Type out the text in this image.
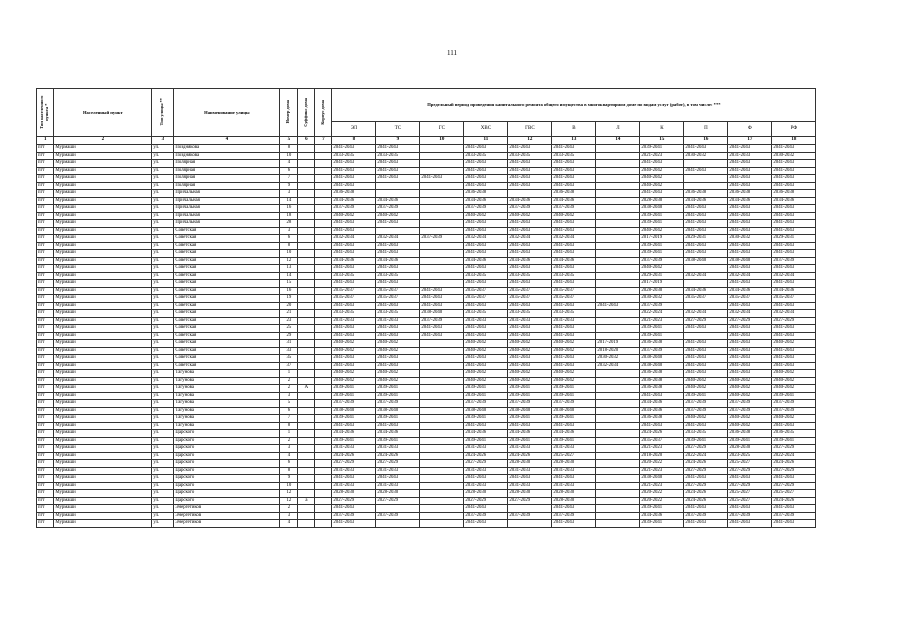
111
Тип населенного пункта *	Населенный пункт	Тип улицы **	Наименование улицы	Номер дома	Суффикс дома	Корпус дома	Предельный период проведения капитального ремонта общего имущества в многоквартирном доме по видам услуг (работ), в том числе: ***										
							ЭЛ	ТС	ГС	ХВС	ГВС	В	Л	К	П	Ф	РФ
1	2	3	4	5	6	7	8	9	10	11	12	13	14	15	16	17	18
пгт	Мурмаши	ул.	Позднякова	8			2041-2043	2041-2043		2041-2043	2041-2043	2041-2043		2039-2041	2041-2043	2041-2043	2041-2043
пгт	Мурмаши	ул.	Позднякова	10			2033-2035	2033-2035		2033-2035	2033-2035	2033-2035		2021-2023	2030-2032	2031-2033	2030-2032
пгт	Мурмаши	ул.	Полярная	4			2041-2043	2041-2043		2041-2043	2041-2043	2041-2043		2041-2043		2041-2043	2041-2043
пгт	Мурмаши	ул.	Полярная	6			2041-2043	2041-2043		2041-2043	2041-2043	2041-2043		2040-2042	2041-2043	2041-2043	2041-2043
пгт	Мурмаши	ул.	Полярная	7			2041-2043	2041-2043	2041-2043	2041-2043	2041-2043	2041-2043		2040-2042		2041-2043	2041-2043
пгт	Мурмаши	ул.	Полярная	9			2041-2043			2041-2043	2041-2043	2041-2043		2040-2042		2041-2043	2041-2043
пгт	Мурмаши	ул.	Причальная	3			2036-2038			2036-2038		2036-2038		2041-2043	2036-2038	2036-2038	2036-2038
пгт	Мурмаши	ул.	Причальная	14			2034-2036	2034-2036		2034-2036	2034-2036	2034-2036		2028-2030	2034-2036	2034-2036	2034-2036
пгт	Мурмаши	ул.	Причальная	16			2037-2039	2037-2039		2037-2039	2037-2039	2037-2039		2038-2040	2041-2043	2041-2043	2041-2043
пгт	Мурмаши	ул.	Причальная	18			2040-2042	2040-2042		2040-2042	2040-2042	2040-2042		2039-2041	2041-2043	2041-2043	2041-2043
пгт	Мурмаши	ул.	Причальная	28			2041-2043	2041-2043		2041-2043	2041-2043	2041-2043		2039-2041	2041-2043	2041-2043	2041-2043
пгт	Мурмаши	ул.	Советская	3			2041-2043			2041-2043	2041-2043	2041-2043		2040-2042	2041-2043	2041-2043	2041-2043
пгт	Мурмаши	ул.	Советская	6			2032-2034	2032-2034	2037-2039	2032-2034	2032-2034	2032-2034		2017-2019	2029-2031	2030-2032	2029-2031
пгт	Мурмаши	ул.	Советская	8			2041-2043	2041-2043		2041-2043	2041-2043	2041-2043		2039-2041	2041-2043	2041-2043	2041-2043
пгт	Мурмаши	ул.	Советская	10			2041-2043	2041-2043		2041-2043	2041-2043	2041-2043		2039-2041	2041-2043	2041-2043	2041-2043
пгт	Мурмаши	ул.	Советская	12			2034-2036	2034-2036		2034-2036	2034-2036	2034-2036		2037-2039	2038-2040	2038-2040	2037-2039
пгт	Мурмаши	ул.	Советская	13			2041-2043	2041-2043		2041-2043	2041-2043	2041-2043		2040-2042		2041-2043	2041-2043
пгт	Мурмаши	ул.	Советская	14			2033-2035	2033-2035		2033-2035	2033-2035	2033-2035		2029-2031	2032-2034	2032-2034	2032-2034
пгт	Мурмаши	ул.	Советская	15			2041-2043	2041-2043		2041-2043	2041-2043	2041-2043		2017-2019		2041-2043	2041-2043
пгт	Мурмаши	ул.	Советская	16			2035-2037	2035-2037	2041-2043	2035-2037	2035-2037	2035-2037		2028-2030	2034-2036	2034-2036	2034-2036
пгт	Мурмаши	ул.	Советская	19			2035-2037	2035-2037	2041-2043	2035-2037	2035-2037	2035-2037		2030-2032	2035-2037	2035-2037	2035-2037
пгт	Мурмаши	ул.	Советская	20			2041-2043	2041-2043	2041-2043	2041-2043	2041-2043	2041-2043	2041-2043	2037-2039		2041-2043	2041-2043
пгт	Мурмаши	ул.	Советская	21			2033-2035	2033-2035	2038-2040	2033-2035	2033-2035	2033-2035		2022-2024	2032-2034	2032-2034	2032-2034
пгт	Мурмаши	ул.	Советская	23			2031-2033	2031-2033	2037-2039	2031-2033	2031-2033	2031-2033		2021-2023	2027-2029	2027-2029	2027-2029
пгт	Мурмаши	ул.	Советская	25			2041-2043	2041-2043	2041-2043	2041-2043	2041-2043	2041-2043		2039-2041	2041-2043	2041-2043	2041-2043
пгт	Мурмаши	ул.	Советская	29			2041-2043	2041-2043	2041-2043	2041-2043	2041-2043	2041-2043		2039-2041		2041-2043	2041-2043
пгт	Мурмаши	ул.	Советская	31			2040-2042	2040-2042		2040-2042	2040-2042	2040-2042	2017-2019	2036-2038	2041-2043	2041-2043	2040-2042
пгт	Мурмаши	ул.	Советская	33			2040-2042	2040-2042		2040-2042	2040-2042	2040-2042	2018-2020	2037-2039	2041-2043	2041-2043	2041-2043
пгт	Мурмаши	ул.	Советская	35			2041-2043	2041-2043		2041-2043	2041-2043	2041-2043	2030-2032	2038-2040	2041-2043	2041-2043	2041-2043
пгт	Мурмаши	ул.	Советская	37			2041-2043	2041-2043		2041-2043	2041-2043	2041-2043	2032-2034	2038-2040	2041-2043	2041-2043	2041-2043
пгт	Мурмаши	ул.	Тагунова	1			2040-2042	2040-2042		2040-2042	2040-2042	2040-2042		2036-2038	2041-2043	2041-2043	2040-2042
пгт	Мурмаши	ул.	Тагунова	2			2040-2042	2040-2042		2040-2042	2040-2042	2040-2042		2036-2038	2040-2042	2040-2042	2040-2042
пгт	Мурмаши	ул.	Тагунова	2	А		2039-2041	2039-2041		2039-2041	2039-2041	2039-2041		2036-2038	2040-2042	2040-2042	2040-2042
пгт	Мурмаши	ул.	Тагунова	3			2039-2041	2039-2041		2039-2041	2039-2041	2039-2041		2041-2043	2039-2041	2040-2042	2039-2041
пгт	Мурмаши	ул.	Тагунова	5			2037-2039	2037-2039		2037-2039	2037-2039	2037-2039		2034-2036	2037-2039	2037-2039	2037-2039
пгт	Мурмаши	ул.	Тагунова	6			2038-2040	2038-2040		2038-2040	2038-2040	2038-2040		2034-2036	2037-2039	2037-2039	2037-2039
пгт	Мурмаши	ул.	Тагунова	7			2039-2041	2039-2041		2039-2041	2039-2041	2039-2041		2036-2038	2040-2042	2040-2042	2040-2042
пгт	Мурмаши	ул.	Тагунова	8			2041-2043	2041-2043		2041-2043	2041-2043	2041-2043		2041-2043	2041-2043	2040-2042	2041-2043
пгт	Мурмаши	ул.	Царского	1			2034-2036	2034-2036		2034-2036	2034-2036	2034-2036		2024-2026	2033-2035	2036-2038	2036-2035
пгт	Мурмаши	ул.	Царского	2			2039-2041	2039-2041		2039-2041	2039-2041	2039-2041		2035-2037	2039-2041	2039-2041	2039-2041
пгт	Мурмаши	ул.	Царского	3			2031-2033	2031-2033		2031-2033	2031-2033	2031-2033		2021-2023	2027-2029	2028-2030	2027-2029
пгт	Мурмаши	ул.	Царского	4			2024-2026	2024-2026		2024-2026	2024-2026	2025-2027		2018-2020	2022-2024	2023-2025	2022-2024
пгт	Мурмаши	ул.	Царского	6			2027-2029	2027-2029		2027-2029	2028-2030	2028-2030		2020-2022	2024-2026	2025-2027	2024-2026
пгт	Мурмаши	ул.	Царского	8			2031-2033	2031-2033		2031-2033	2031-2033	2031-2033		2021-2023	2027-2029	2027-2029	2027-2029
пгт	Мурмаши	ул.	Царского	9			2041-2043	2041-2043		2041-2043	2041-2043	2041-2043		2038-2040	2041-2043	2041-2043	2041-2043
пгт	Мурмаши	ул.	Царского	10			2031-2033	2031-2033		2031-2033	2031-2033	2031-2033		2021-2023	2027-2029	2027-2029	2027-2029
пгт	Мурмаши	ул.	Царского	12			2028-2030	2028-2030		2028-2030	2028-2030	2028-2030		2020-2022	2024-2026	2025-2027	2025-2027
пгт	Мурмаши	ул.	Царского	12	а		2027-2029	2027-2029		2027-2029	2027-2029	2028-2030		2020-2022	2024-2026	2025-2027	2024-2026
пгт	Мурмаши	ул.	Энергетиков	2			2041-2043			2041-2043		2041-2043		2039-2041	2041-2043	2041-2043	2041-2043
пгт	Мурмаши	ул.	Энергетиков	3			2037-2039	2037-2039		2037-2039	2037-2039	2037-2039		2034-2036	2037-2039	2037-2039	2037-2039
пгт	Мурмаши	ул.	Энергетиков	4			2041-2043			2041-2043		2041-2043		2039-2041	2041-2043	2041-2043	2041-2043
